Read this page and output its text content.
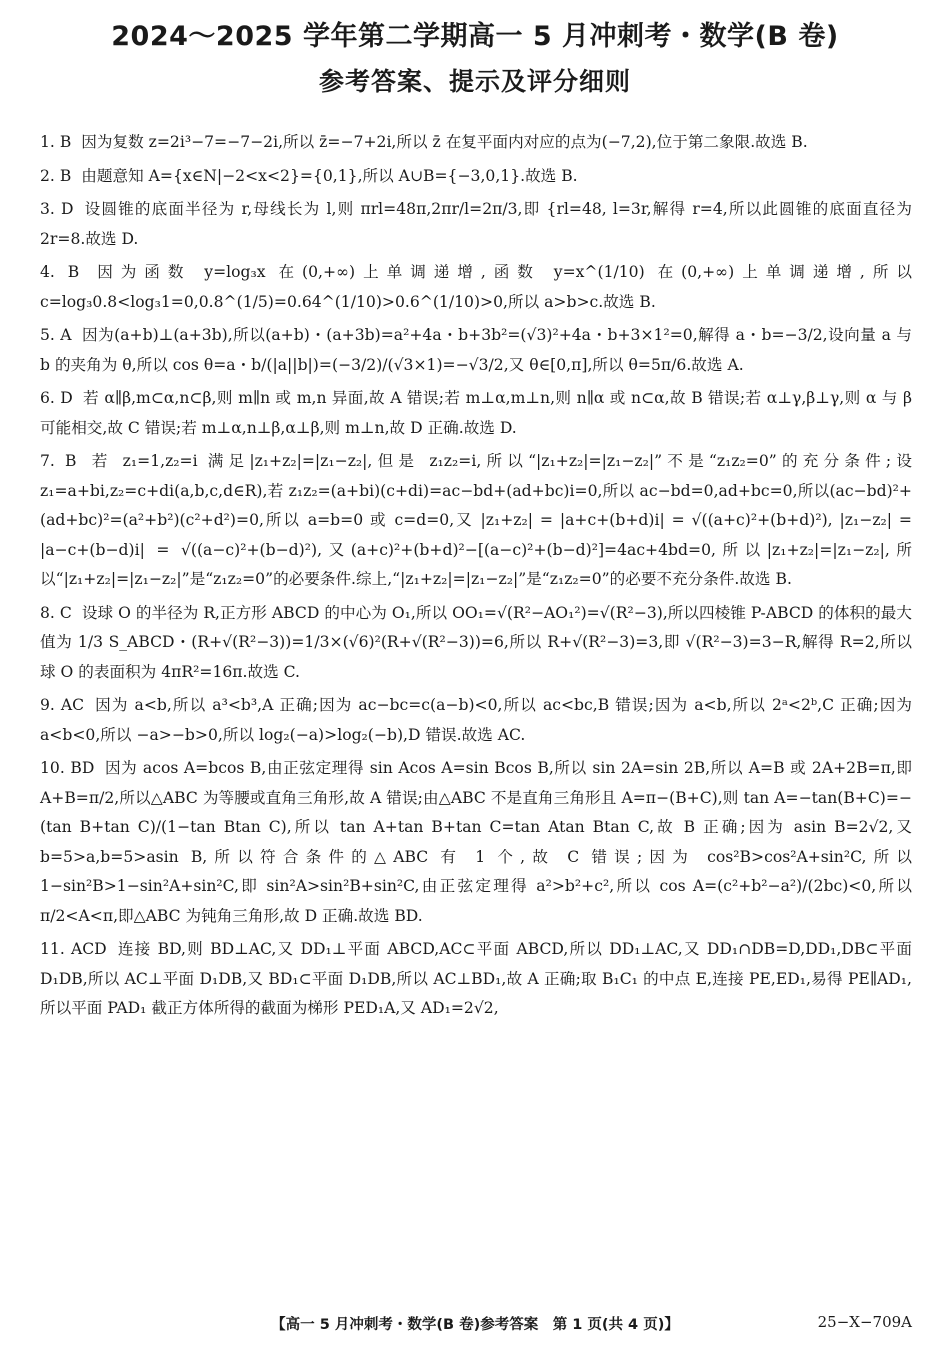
2024～2025 学年第二学期高一 5 月冲刺考・数学(B 卷)
参考答案、提示及评分细则
1. B 因为复数 z=2i³−7=−7−2i,所以 z̄=−7+2i,所以 z̄ 在复平面内对应的点为(−7,2),位于第二象限.故选 B.
2. B 由题意知 A={x∈N|−2<x<2}={0,1},所以 A∪B={−3,0,1}.故选 B.
3. D 设圆锥的底面半径为 r,母线长为 l,则 πrl=48π,2πr/l=2π/3,即 {rl=48, l=3r,解得 r=4,所以此圆锥的底面直径为 2r=8.故选 D.
4. B 因为函数 y=log₃x 在(0,+∞)上单调递增,函数 y=x^(1/10) 在(0,+∞)上单调递增,所以 c=log₃0.8<log₃1=0,0.8^(1/5)=0.64^(1/10)>0.6^(1/10)>0,所以 a>b>c.故选 B.
5. A 因为(a+b)⊥(a+3b),所以(a+b)・(a+3b)=a²+4a・b+3b²=(√3)²+4a・b+3×1²=0,解得 a・b=−3/2,设向量 a 与 b 的夹角为 θ,所以 cos θ=a・b/(|a||b|)=(−3/2)/(√3×1)=−√3/2,又 θ∈[0,π],所以 θ=5π/6.故选 A.
6. D 若 α∥β,m⊂α,n⊂β,则 m∥n 或 m,n 异面,故 A 错误;若 m⊥α,m⊥n,则 n∥α 或 n⊂α,故 B 错误;若 α⊥γ,β⊥γ,则 α 与 β 可能相交,故 C 错误;若 m⊥α,n⊥β,α⊥β,则 m⊥n,故 D 正确.故选 D.
7. B 若 z₁=1,z₂=i 满足|z₁+z₂|=|z₁−z₂|,但是 z₁z₂=i,所以“|z₁+z₂|=|z₁−z₂|”不是“z₁z₂=0”的充分条件;设 z₁=a+bi,z₂=c+di(a,b,c,d∈R),若 z₁z₂=(a+bi)(c+di)=ac−bd+(ad+bc)i=0,所以 ac−bd=0,ad+bc=0,所以(ac−bd)²+(ad+bc)²=(a²+b²)(c²+d²)=0,所以 a=b=0 或 c=d=0,又 |z₁+z₂| = |a+c+(b+d)i| = √((a+c)²+(b+d)²), |z₁−z₂| = |a−c+(b−d)i| = √((a−c)²+(b−d)²),又(a+c)²+(b+d)²−[(a−c)²+(b−d)²]=4ac+4bd=0,所以|z₁+z₂|=|z₁−z₂|,所以“|z₁+z₂|=|z₁−z₂|”是“z₁z₂=0”的必要条件.综上,“|z₁+z₂|=|z₁−z₂|”是“z₁z₂=0”的必要不充分条件.故选 B.
8. C 设球 O 的半径为 R,正方形 ABCD 的中心为 O₁,所以 OO₁=√(R²−AO₁²)=√(R²−3),所以四棱锥 P-ABCD 的体积的最大值为 1/3 S_ABCD・(R+√(R²−3))=1/3×(√6)²(R+√(R²−3))=6,所以 R+√(R²−3)=3,即 √(R²−3)=3−R,解得 R=2,所以球 O 的表面积为 4πR²=16π.故选 C.
9. AC 因为 a<b,所以 a³<b³,A 正确;因为 ac−bc=c(a−b)<0,所以 ac<bc,B 错误;因为 a<b,所以 2ᵃ<2ᵇ,C 正确;因为 a<b<0,所以 −a>−b>0,所以 log₂(−a)>log₂(−b),D 错误.故选 AC.
10. BD 因为 acos A=bcos B,由正弦定理得 sin Acos A=sin Bcos B,所以 sin 2A=sin 2B,所以 A=B 或 2A+2B=π,即 A+B=π/2,所以△ABC 为等腰或直角三角形,故 A 错误;由△ABC 不是直角三角形且 A=π−(B+C),则 tan A=−tan(B+C)=−(tan B+tan C)/(1−tan Btan C),所以 tan A+tan B+tan C=tan Atan Btan C,故 B 正确;因为 asin B=2√2,又 b=5>a,b=5>asin B,所以符合条件的△ABC 有 1 个,故 C 错误;因为 cos²B>cos²A+sin²C,所以 1−sin²B>1−sin²A+sin²C,即 sin²A>sin²B+sin²C,由正弦定理得 a²>b²+c²,所以 cos A=(c²+b²−a²)/(2bc)<0,所以 π/2<A<π,即△ABC 为钝角三角形,故 D 正确.故选 BD.
11. ACD 连接 BD,则 BD⊥AC,又 DD₁⊥平面 ABCD,AC⊂平面 ABCD,所以 DD₁⊥AC,又 DD₁∩DB=D,DD₁,DB⊂平面 D₁DB,所以 AC⊥平面 D₁DB,又 BD₁⊂平面 D₁DB,所以 AC⊥BD₁,故 A 正确;取 B₁C₁ 的中点 E,连接 PE,ED₁,易得 PE∥AD₁,所以平面 PAD₁ 截正方体所得的截面为梯形 PED₁A,又 AD₁=2√2,
【高一 5 月冲刺考・数学(B 卷)参考答案　第 1 页(共 4 页)】	25−X−709A
